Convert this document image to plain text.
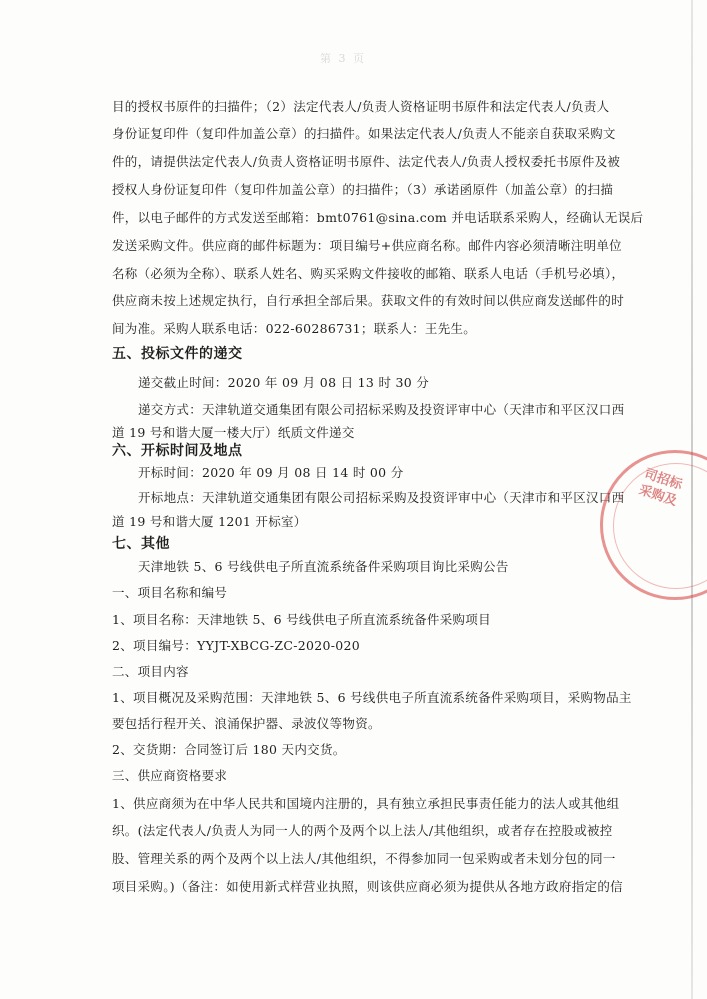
第 3 页
目的授权书原件的扫描件；（2）法定代表人/负责人资格证明书原件和法定代表人/负责人
身份证复印件（复印件加盖公章）的扫描件。如果法定代表人/负责人不能亲自获取采购文
件的，请提供法定代表人/负责人资格证明书原件、法定代表人/负责人授权委托书原件及被
授权人身份证复印件（复印件加盖公章）的扫描件；（3）承诺函原件（加盖公章）的扫描
件，以电子邮件的方式发送至邮箱：bmt0761@sina.com 并电话联系采购人，经确认无误后
发送采购文件。供应商的邮件标题为：项目编号+供应商名称。邮件内容必须清晰注明单位
名称（必须为全称）、联系人姓名、购买采购文件接收的邮箱、联系人电话（手机号必填），
供应商未按上述规定执行，自行承担全部后果。获取文件的有效时间以供应商发送邮件的时
间为准。采购人联系电话：022-60286731；联系人：王先生。
五、投标文件的递交
递交截止时间：2020 年 09 月 08 日 13 时 30 分
递交方式：天津轨道交通集团有限公司招标采购及投资评审中心（天津市和平区汉口西
道 19 号和谐大厦一楼大厅）纸质文件递交
六、开标时间及地点
开标时间：2020 年 09 月 08 日 14 时 00 分
开标地点：天津轨道交通集团有限公司招标采购及投资评审中心（天津市和平区汉口西
道 19 号和谐大厦 1201 开标室）
七、其他
天津地铁 5、6 号线供电子所直流系统备件采购项目询比采购公告
一、项目名称和编号
1、项目名称：天津地铁 5、6 号线供电子所直流系统备件采购项目
2、项目编号：YYJT-XBCG-ZC-2020-020
二、项目内容
1、项目概况及采购范围：天津地铁 5、6 号线供电子所直流系统备件采购项目，采购物品主
要包括行程开关、浪涌保护器、录波仪等物资。
2、交货期：合同签订后 180 天内交货。
三、供应商资格要求
1、供应商须为在中华人民共和国境内注册的，具有独立承担民事责任能力的法人或其他组
织。(法定代表人/负责人为同一人的两个及两个以上法人/其他组织，或者存在控股或被控
股、管理关系的两个及两个以上法人/其他组织，不得参加同一包采购或者未划分包的同一
项目采购。)（备注：如使用新式样营业执照，则该供应商必须为提供从各地方政府指定的信
司招标采购及
